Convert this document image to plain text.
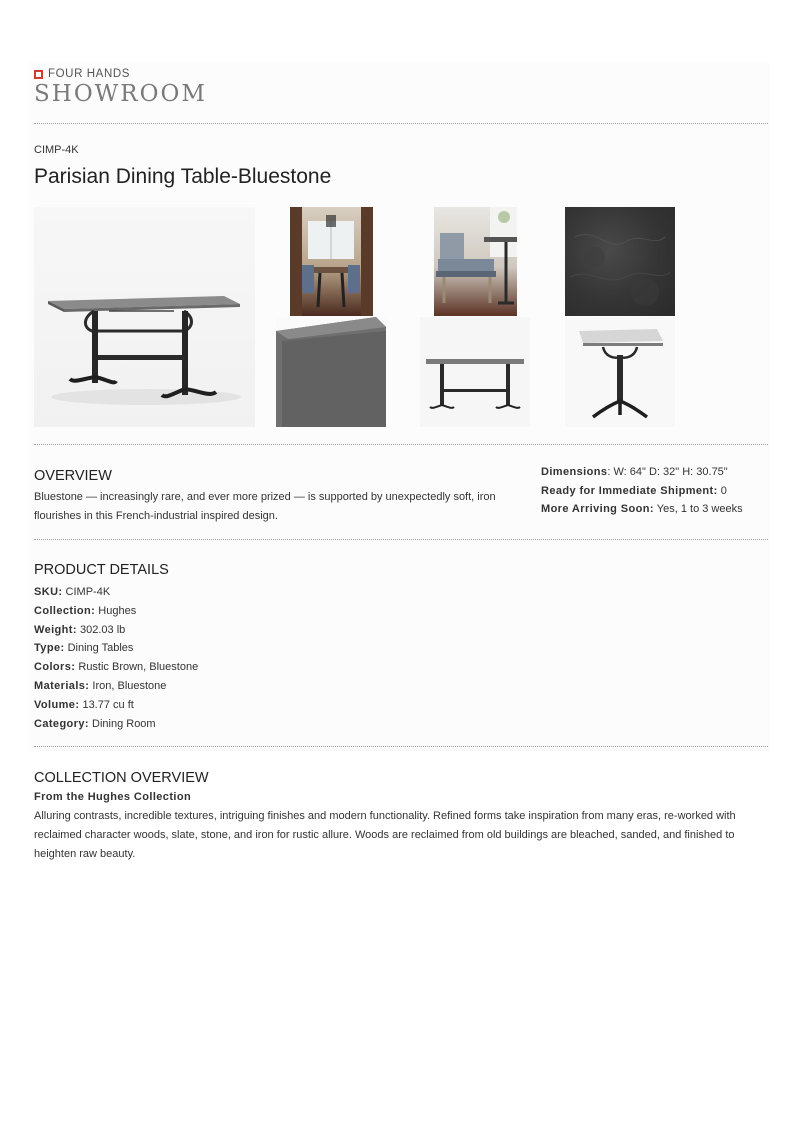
FOUR HANDS
SHOWROOM
CIMP-4K
Parisian Dining Table-Bluestone
OVERVIEW
Bluestone — increasingly rare, and ever more prized — is supported by unexpectedly soft, iron
flourishes in this French-industrial inspired design.
Dimensions: W: 64" D: 32" H: 30.75"
Ready for Immediate Shipment: 0
More Arriving Soon: Yes, 1 to 3 weeks
PRODUCT DETAILS
SKU: CIMP-4K
Collection: Hughes
Weight: 302.03 lb
Type: Dining Tables
Colors: Rustic Brown, Bluestone
Materials: Iron, Bluestone
Volume: 13.77 cu ft
Category: Dining Room
COLLECTION OVERVIEW
From the Hughes Collection
Alluring contrasts, incredible textures, intriguing finishes and modern functionality. Refined forms take inspiration from many eras, re-worked with
reclaimed character woods, slate, stone, and iron for rustic allure. Woods are reclaimed from old buildings are bleached, sanded, and finished to
heighten raw beauty.
